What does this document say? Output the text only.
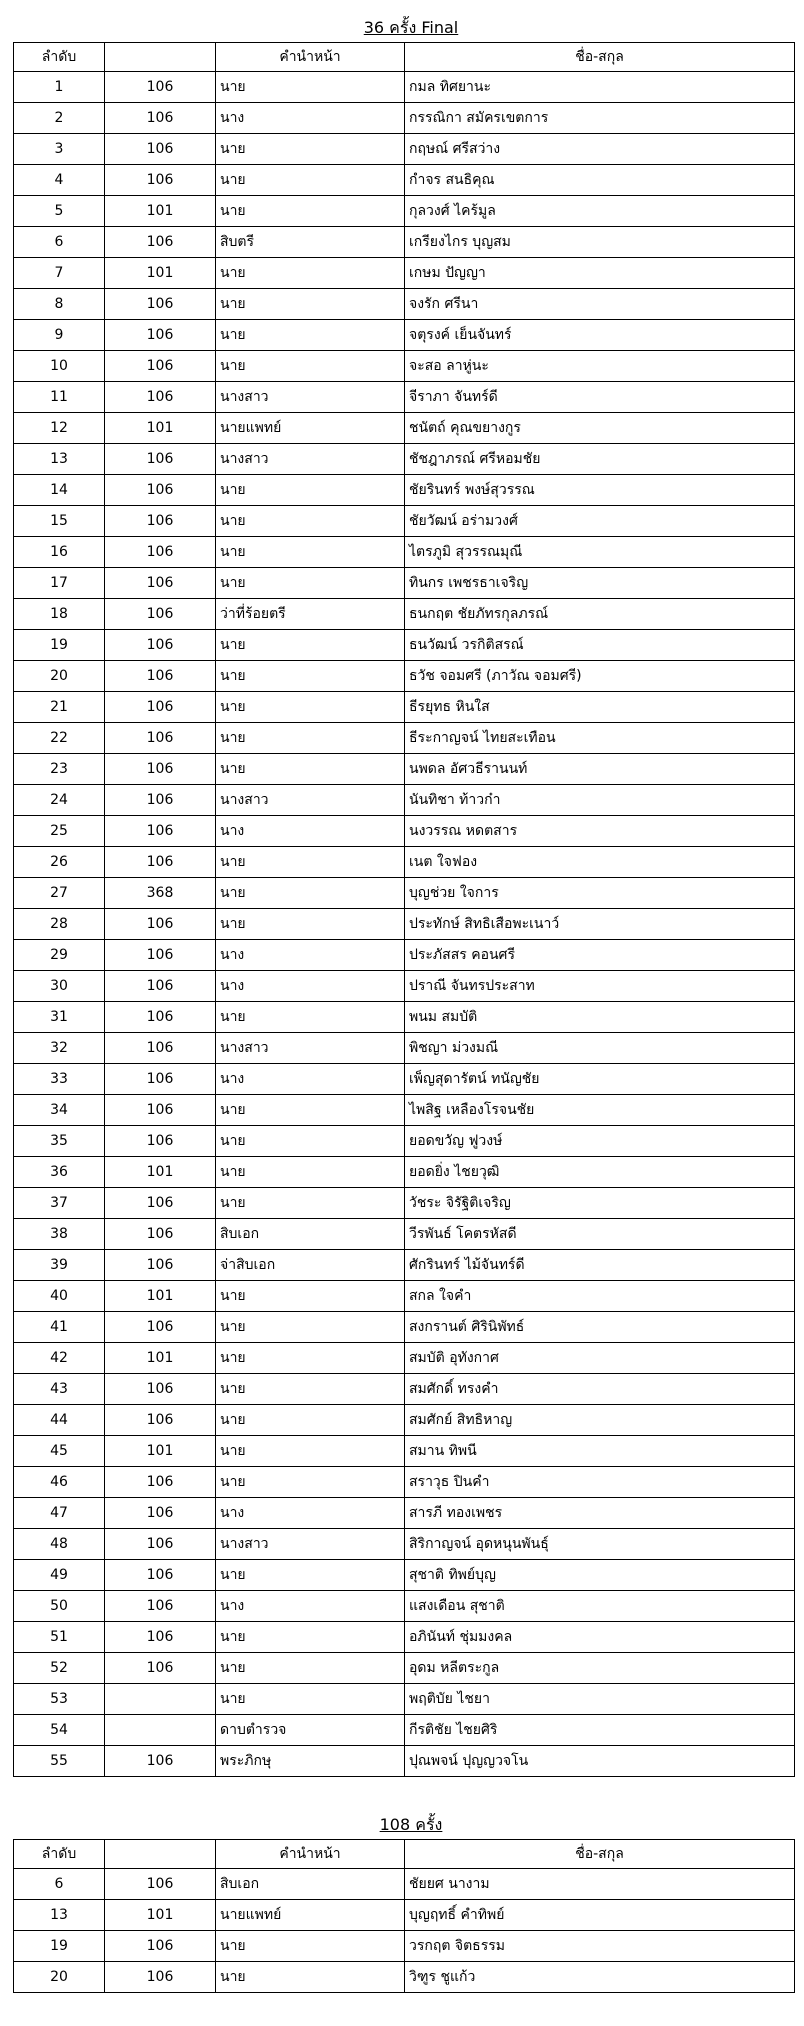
36 ครั้ง Final
ลำดับ		คำนำหน้า	ชื่อ-สกุล
1	106	นาย	กมล ทิศยานะ
2	106	นาง	กรรณิกา สมัครเขตการ
3	106	นาย	กฤษณ์ ศรีสว่าง
4	106	นาย	กำจร สนธิคุณ
5	101	นาย	กุลวงศ์ ไคร้มูล
6	106	สิบตรี	เกรียงไกร บุญสม
7	101	นาย	เกษม ปัญญา
8	106	นาย	จงรัก ศรีนา
9	106	นาย	จตุรงค์ เย็นจันทร์
10	106	นาย	จะสอ ลาหู่นะ
11	106	นางสาว	จีราภา จันทร์ดี
12	101	นายแพทย์	ชนัตถ์ คุณขยางกูร
13	106	นางสาว	ชัชฎาภรณ์ ศรีหอมชัย
14	106	นาย	ชัยรินทร์ พงษ์สุวรรณ
15	106	นาย	ชัยวัฒน์ อร่ามวงศ์
16	106	นาย	ไตรภูมิ สุวรรณมุณี
17	106	นาย	ทินกร เพชรธาเจริญ
18	106	ว่าที่ร้อยตรี	ธนกฤต ชัยภัทรกุลภรณ์
19	106	นาย	ธนวัฒน์ วรกิติสรณ์
20	106	นาย	ธวัช จอมศรี (ภาวัณ จอมศรี)
21	106	นาย	ธีรยุทธ หินใส
22	106	นาย	ธีระกาญจน์ ไทยสะเทือน
23	106	นาย	นพดล อัศวธีรานนท์
24	106	นางสาว	นันทิชา ท้าวก๋า
25	106	นาง	นงวรรณ หดตสาร
26	106	นาย	เนต ใจฟอง
27	368	นาย	บุญช่วย ใจการ
28	106	นาย	ประทักษ์ สิทธิเสือพะเนาว์
29	106	นาง	ประภัสสร คอนศรี
30	106	นาง	ปราณี จันทรประสาท
31	106	นาย	พนม สมบัติ
32	106	นางสาว	พิชญา ม่วงมณี
33	106	นาง	เพ็ญสุดารัตน์ ทนัญชัย
34	106	นาย	ไพสิฐ เหลืองโรจนชัย
35	106	นาย	ยอดขวัญ ฟูวงษ์
36	101	นาย	ยอดยิ่ง ไชยวุฒิ
37	106	นาย	วัชระ จิรัฐิติเจริญ
38	106	สิบเอก	วีรพันธ์ โคตรหัสดี
39	106	จ่าสิบเอก	ศักรินทร์ ไม้จันทร์ดี
40	101	นาย	สกล ใจคำ
41	106	นาย	สงกรานต์ ศิรินิพัทธ์
42	101	นาย	สมบัติ อุทังกาศ
43	106	นาย	สมศักดิ์ ทรงคำ
44	106	นาย	สมศักย์ สิทธิหาญ
45	101	นาย	สมาน ทิพนี
46	106	นาย	สราวุธ ปินคำ
47	106	นาง	สารภี ทองเพชร
48	106	นางสาว	สิริกาญจน์ อุดหนุนพันธุ์
49	106	นาย	สุชาติ ทิพย์บุญ
50	106	นาง	แสงเดือน สุชาติ
51	106	นาย	อภินันท์ ชุ่มมงคล
52	106	นาย	อุดม หลีตระกูล
53		นาย	พฤติบัย ไชยา
54		ดาบตำรวจ	กีรติชัย ไชยศิริ
55	106	พระภิกษุ	ปุณพจน์ ปุญญวจโน
108 ครั้ง
ลำดับ		คำนำหน้า	ชื่อ-สกุล
6	106	สิบเอก	ชัยยศ นางาม
13	101	นายแพทย์	บุญฤทธิ์ คำทิพย์
19	106	นาย	วรกฤต จิตธรรม
20	106	นาย	วิฑูร ชูแก้ว
